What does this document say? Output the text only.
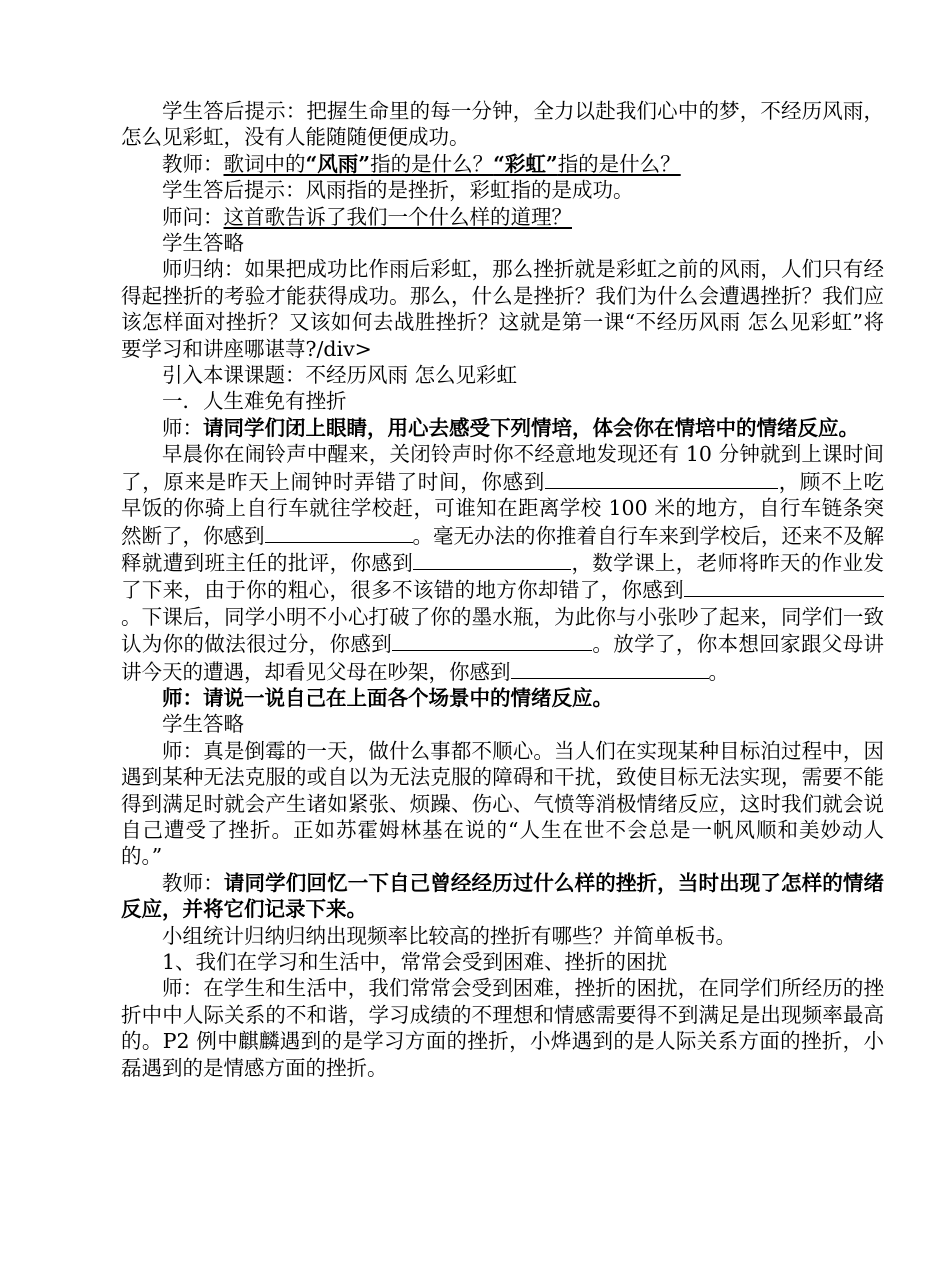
学生答后提示：把握生命里的每一分钟，全力以赴我们心中的梦，不经历风雨，怎么见彩虹，没有人能随随便便成功。

教师：歌词中的“风雨”指的是什么？“彩虹”指的是什么？

学生答后提示：风雨指的是挫折，彩虹指的是成功。

师问：这首歌告诉了我们一个什么样的道理？

学生答略

师归纳：如果把成功比作雨后彩虹，那么挫折就是彩虹之前的风雨，人们只有经得起挫折的考验才能获得成功。那么，什么是挫折？我们为什么会遭遇挫折？我们应该怎样面对挫折？又该如何去战胜挫折？这就是第一课“不经历风雨 怎么见彩虹”将要学习和讲座哪谌荨?/div>

引入本课课题：不经历风雨 怎么见彩虹

一．人生难免有挫折

师：请同学们闭上眼睛，用心去感受下列情培，体会你在情培中的情绪反应。

早晨你在闹铃声中醒来，关闭铃声时你不经意地发现还有 10 分钟就到上课时间了，原来是昨天上闹钟时弄错了时间，你感到	，顾不上吃早饭的你骑上自行车就往学校赶，可谁知在距离学校 100 米的地方，自行车链条突然断了，你感到	。毫无办法的你推着自行车来到学校后，还来不及解释就遭到班主任的批评，你感到	，数学课上，老师将昨天的作业发了下来，由于你的粗心，很多不该错的地方你却错了，你感到。下课后，同学小明不小心打破了你的墨水瓶，为此你与小张吵了起来，同学们一致认为你的做法很过分，你感到	。放学了，你本想回家跟父母讲讲今天的遭遇，却看见父母在吵架，你感到	。

师：请说一说自己在上面各个场景中的情绪反应。

学生答略

师：真是倒霉的一天，做什么事都不顺心。当人们在实现某种目标泊过程中，因遇到某种无法克服的或自以为无法克服的障碍和干扰，致使目标无法实现，需要不能得到满足时就会产生诸如紧张、烦躁、伤心、气愤等消极情绪反应，这时我们就会说自己遭受了挫折。正如苏霍姆林基在说的“人生在世不会总是一帆风顺和美妙动人的。”

教师：请同学们回忆一下自己曾经经历过什么样的挫折，当时出现了怎样的情绪反应，并将它们记录下来。

小组统计归纳归纳出现频率比较高的挫折有哪些？并简单板书。

1、我们在学习和生活中，常常会受到困难、挫折的困扰

师：在学生和生活中，我们常常会受到困难，挫折的困扰，在同学们所经历的挫折中中人际关系的不和谐，学习成绩的不理想和情感需要得不到满足是出现频率最高的。P2 例中麒麟遇到的是学习方面的挫折，小烨遇到的是人际关系方面的挫折，小磊遇到的是情感方面的挫折。
